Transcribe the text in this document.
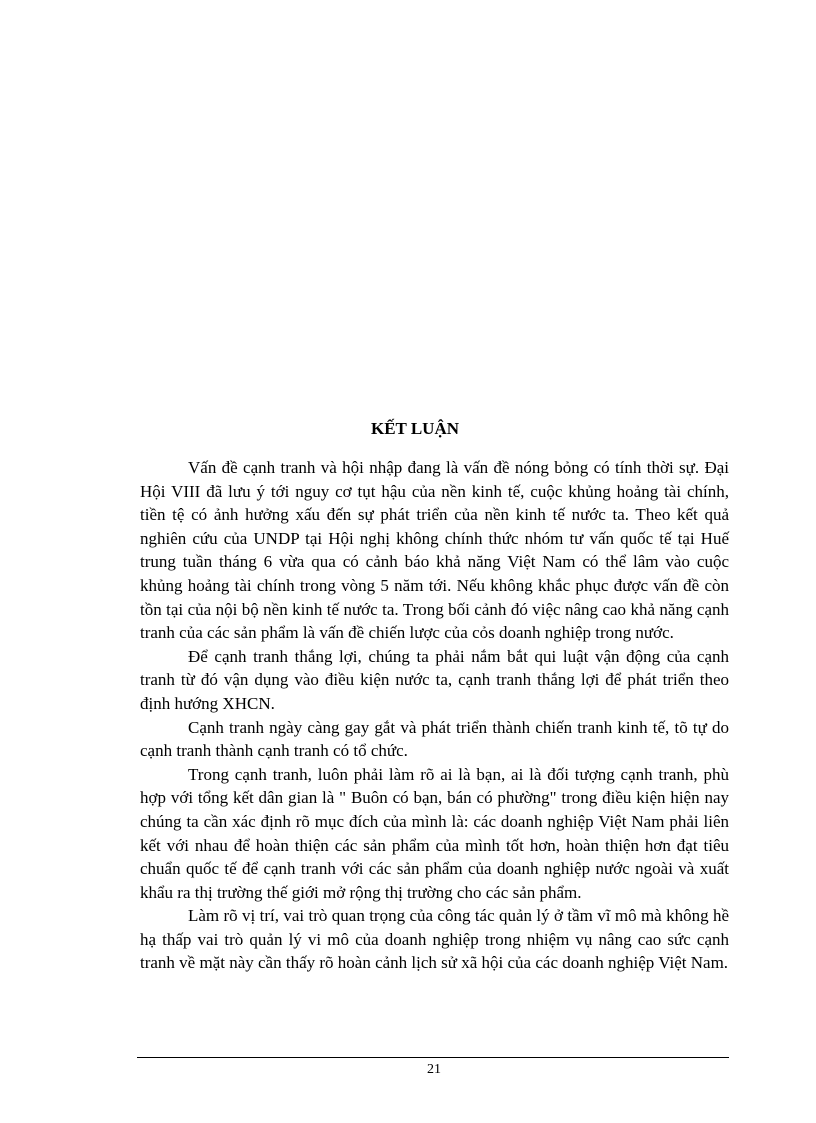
KẾT LUẬN

Vấn đề cạnh tranh và hội nhập đang là vấn đề nóng bỏng có tính thời sự. Đại Hội VIII đã lưu ý tới nguy cơ tụt hậu của nền kinh tế, cuộc khủng hoảng tài chính, tiền tệ có ảnh hưởng xấu đến sự phát triển của nền kinh tế nước ta. Theo kết quả nghiên cứu của UNDP tại Hội nghị không chính thức nhóm tư vấn quốc tế tại Huế trung tuần tháng 6 vừa qua có cảnh báo khả năng Việt Nam có thể lâm vào cuộc khủng hoảng tài chính trong vòng 5 năm tới. Nếu không khắc phục được vấn đề còn tồn tại của nội bộ nền kinh tế nước ta. Trong bối cảnh đó việc nâng cao khả năng cạnh tranh của các sản phẩm là vấn đề chiến lược của cỏs doanh nghiệp trong nước.

Để cạnh tranh thắng lợi, chúng ta phải nắm bắt qui luật vận động của cạnh tranh từ đó vận dụng vào điều kiện nước ta, cạnh tranh thắng lợi để phát triển theo định hướng XHCN.

Cạnh tranh ngày càng gay gắt và phát triển thành chiến tranh kinh tế, tõ tự do cạnh tranh thành cạnh tranh có tổ chức.

Trong cạnh tranh, luôn phải làm rõ ai là bạn, ai là đối tượng cạnh tranh, phù hợp với tổng kết dân gian là " Buôn có bạn, bán có phường" trong điều kiện hiện nay chúng ta cần xác định rõ mục đích của mình là: các doanh nghiệp Việt Nam phải liên kết với nhau để hoàn thiện các sản phẩm của mình tốt hơn, hoàn thiện hơn đạt tiêu chuẩn quốc tế để cạnh tranh với các sản phẩm của doanh nghiệp nước ngoài và xuất khẩu ra thị trường thế giới mở rộng thị trường cho các sản phẩm.

Làm rõ vị trí, vai trò quan trọng của công tác quản lý ở tầm vĩ mô mà không hề hạ thấp vai trò quản lý vi mô của doanh nghiệp trong nhiệm vụ nâng cao sức cạnh tranh về mặt này cần thấy rõ hoàn cảnh lịch sử xã hội của các doanh nghiệp Việt Nam.

21
